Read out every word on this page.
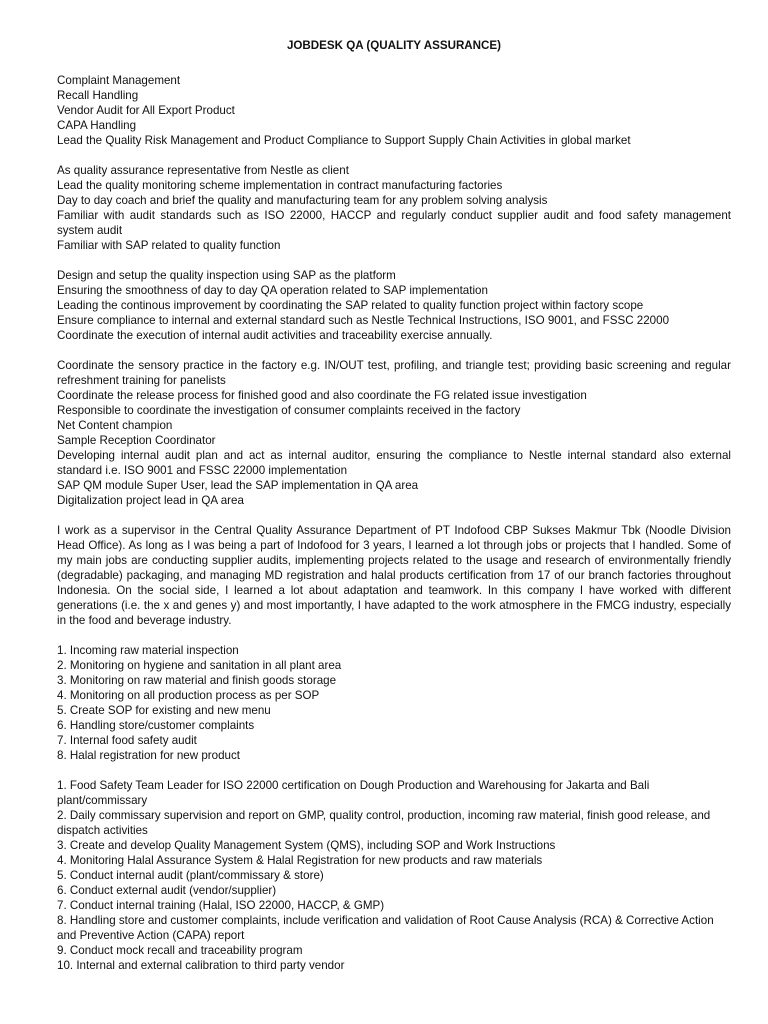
JOBDESK QA (QUALITY ASSURANCE)
Complaint Management
Recall Handling
Vendor Audit for All Export Product
CAPA Handling
Lead the Quality Risk Management and Product Compliance to Support Supply Chain Activities in global market
As quality assurance representative from Nestle as client
Lead the quality monitoring scheme implementation in contract manufacturing factories
Day to day coach and brief the quality and manufacturing team for any problem solving analysis
Familiar with audit standards such as ISO 22000, HACCP and regularly conduct supplier audit and food safety management system audit
Familiar with SAP related to quality function
Design and setup the quality inspection using SAP as the platform
Ensuring the smoothness of day to day QA operation related to SAP implementation
Leading the continous improvement by coordinating the SAP related to quality function project within factory scope
Ensure compliance to internal and external standard such as Nestle Technical Instructions, ISO 9001, and FSSC 22000
Coordinate the execution of internal audit activities and traceability exercise annually.
Coordinate the sensory practice in the factory e.g. IN/OUT test, profiling, and triangle test; providing basic screening and regular refreshment training for panelists
Coordinate the release process for finished good and also coordinate the FG related issue investigation
Responsible to coordinate the investigation of consumer complaints received in the factory
Net Content champion
Sample Reception Coordinator
Developing internal audit plan and act as internal auditor, ensuring the compliance to Nestle internal standard also external standard i.e. ISO 9001 and FSSC 22000 implementation
SAP QM module Super User, lead the SAP implementation in QA area
Digitalization project lead in QA area

I work as a supervisor in the Central Quality Assurance Department of PT Indofood CBP Sukses Makmur Tbk (Noodle Division Head Office). As long as I was being a part of Indofood for 3 years, I learned a lot through jobs or projects that I handled. Some of my main jobs are conducting supplier audits, implementing projects related to the usage and research of environmentally friendly (degradable) packaging, and managing MD registration and halal products certification from 17 of our branch factories throughout Indonesia. On the social side, I learned a lot about adaptation and teamwork. In this company I have worked with different generations (i.e. the x and genes y) and most importantly, I have adapted to the work atmosphere in the FMCG industry, especially in the food and beverage industry.

1. Incoming raw material inspection
2. Monitoring on hygiene and sanitation in all plant area
3. Monitoring on raw material and finish goods storage
4. Monitoring on all production process as per SOP
5. Create SOP for existing and new menu
6. Handling store/customer complaints
7. Internal food safety audit
8. Halal registration for new product
1. Food Safety Team Leader for ISO 22000 certification on Dough Production and Warehousing for Jakarta and Bali plant/commissary
2. Daily commissary supervision and report on GMP, quality control, production, incoming raw material, finish good release, and dispatch activities
3. Create and develop Quality Management System (QMS), including SOP and Work Instructions
4. Monitoring Halal Assurance System & Halal Registration for new products and raw materials
5. Conduct internal audit (plant/commissary & store)
6. Conduct external audit (vendor/supplier)
7. Conduct internal training (Halal, ISO 22000, HACCP, & GMP)
8. Handling store and customer complaints, include verification and validation of Root Cause Analysis (RCA) & Corrective Action and Preventive Action (CAPA) report
9. Conduct mock recall and traceability program
10. Internal and external calibration to third party vendor
